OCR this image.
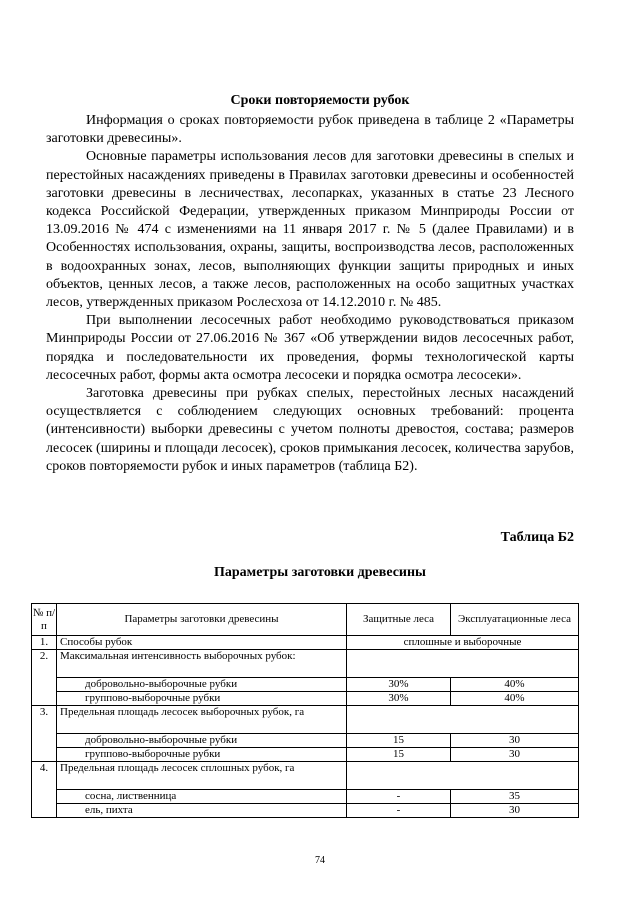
Сроки повторяемости рубок

Информация о сроках повторяемости рубок приведена в таблице 2 «Параметры заготовки древесины».

Основные параметры использования лесов для заготовки древесины в спелых и перестойных насаждениях приведены в Правилах заготовки древесины и особенностей заготовки древесины в лесничествах, лесопарках, указанных в статье 23 Лесного кодекса Российской Федерации, утвержденных приказом Минприроды России от 13.09.2016 № 474 с изменениями на 11 января 2017 г. № 5 (далее Правилами) и в Особенностях использования, охраны, защиты, воспроизводства лесов, расположенных в водоохранных зонах, лесов, выполняющих функции защиты природных и иных объектов, ценных лесов, а также лесов, расположенных на особо защитных участках лесов, утвержденных приказом Рослесхоза от 14.12.2010 г. № 485.

При выполнении лесосечных работ необходимо руководствоваться приказом Минприроды России от 27.06.2016 № 367 «Об утверждении видов лесосечных работ, порядка и последовательности их проведения, формы технологической карты лесосечных работ, формы акта осмотра лесосеки и порядка осмотра лесосеки».

Заготовка древесины при рубках спелых, перестойных лесных насаждений осуществляется с соблюдением следующих основных требований: процента (интенсивности) выборки древесины с учетом полноты древостоя, состава; размеров лесосек (ширины и площади лесосек), сроков примыкания лесосек, количества зарубов, сроков повторяемости рубок и иных параметров (таблица Б2).

Таблица Б2
Параметры заготовки древесины
№ п/п	Параметры заготовки древесины	Защитные леса	Эксплуатационные леса
1.	Способы рубок	сплошные и выборочные	
2.	Максимальная интенсивность выборочных рубок:		
	добровольно-выборочные рубки	30%	40%
	группово-выборочные рубки	30%	40%
3.	Предельная площадь лесосек выборочных рубок, га		
	добровольно-выборочные рубки	15	30
	группово-выборочные рубки	15	30
4.	Предельная площадь лесосек сплошных рубок, га		
	сосна, лиственница	-	35
	ель, пихта	-	30
74
